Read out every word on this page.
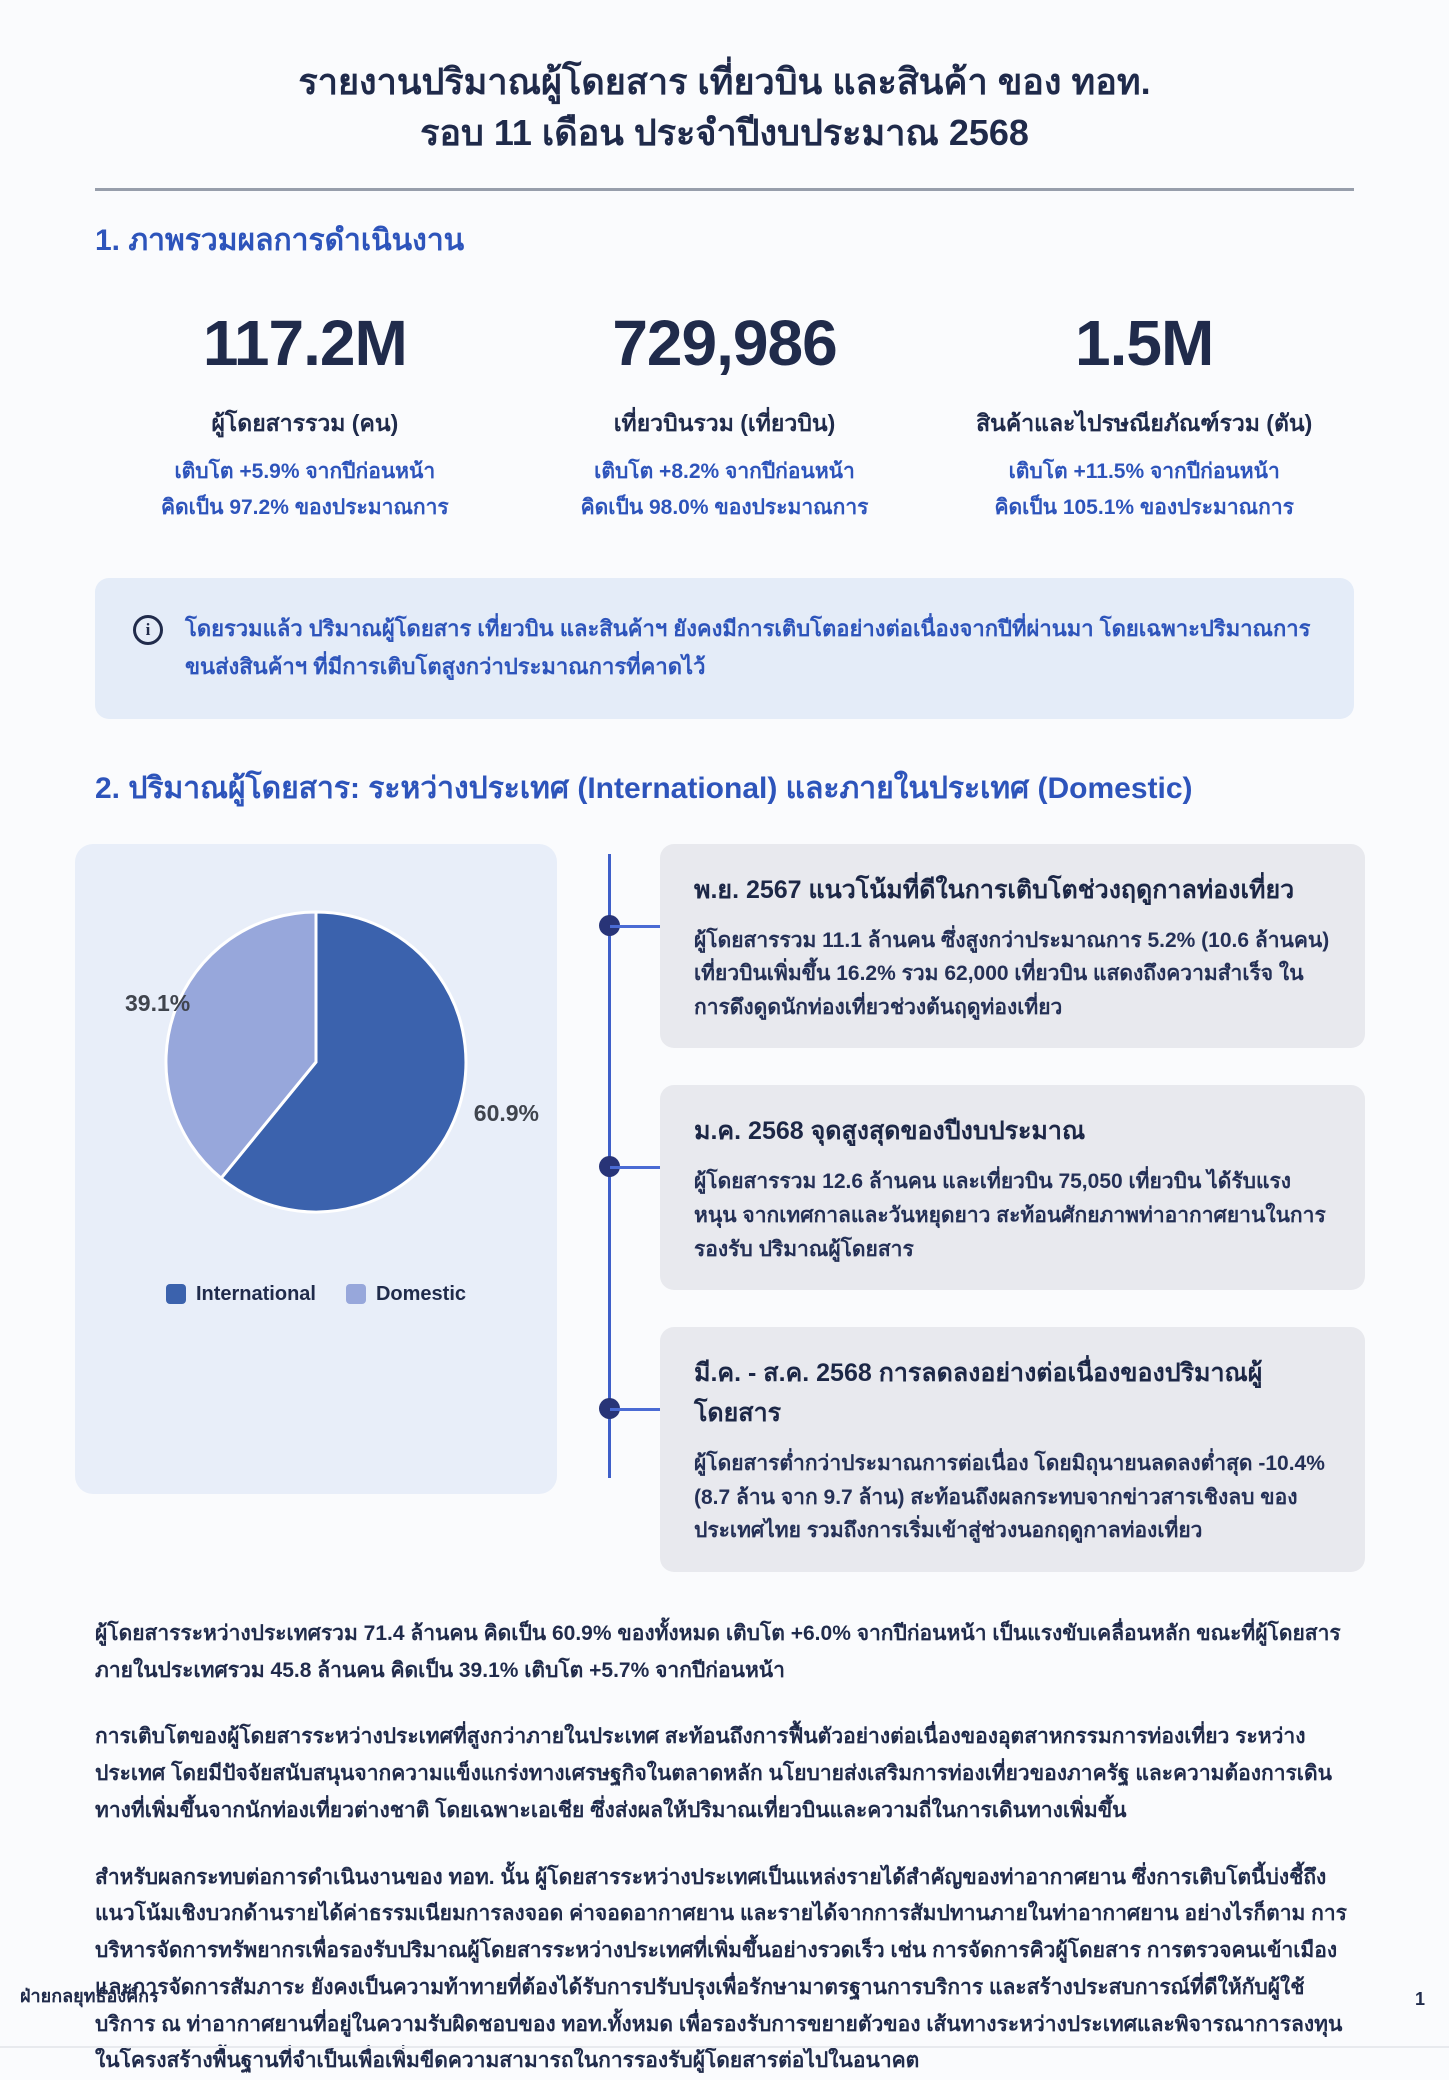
รายงานปริมาณผู้โดยสาร เที่ยวบิน และสินค้า ของ ทอท.
รอบ 11 เดือน ประจำปีงบประมาณ 2568
1. ภาพรวมผลการดำเนินงาน
117.2M
ผู้โดยสารรวม (คน)
เติบโต +5.9% จากปีก่อนหน้า
คิดเป็น 97.2% ของประมาณการ
729,986
เที่ยวบินรวม (เที่ยวบิน)
เติบโต +8.2% จากปีก่อนหน้า
คิดเป็น 98.0% ของประมาณการ
1.5M
สินค้าและไปรษณียภัณฑ์รวม (ตัน)
เติบโต +11.5% จากปีก่อนหน้า
คิดเป็น 105.1% ของประมาณการ
i	โดยรวมแล้ว ปริมาณผู้โดยสาร เที่ยวบิน และสินค้าฯ ยังคงมีการเติบโตอย่างต่อเนื่องจากปีที่ผ่านมา โดยเฉพาะปริมาณการขนส่งสินค้าฯ ที่มีการเติบโตสูงกว่าประมาณการที่คาดไว้
2. ปริมาณผู้โดยสาร: ระหว่างประเทศ (International) และภายในประเทศ (Domestic)
39.1%
60.9%
International	Domestic
พ.ย. 2567 แนวโน้มที่ดีในการเติบโตช่วงฤดูกาลท่องเที่ยว
ผู้โดยสารรวม 11.1 ล้านคน ซึ่งสูงกว่าประมาณการ 5.2% (10.6 ล้านคน) เที่ยวบินเพิ่มขึ้น 16.2% รวม 62,000 เที่ยวบิน แสดงถึงความสำเร็จ ในการดึงดูดนักท่องเที่ยวช่วงต้นฤดูท่องเที่ยว
ม.ค. 2568 จุดสูงสุดของปีงบประมาณ
ผู้โดยสารรวม 12.6 ล้านคน และเที่ยวบิน 75,050 เที่ยวบิน ได้รับแรงหนุน จากเทศกาลและวันหยุดยาว สะท้อนศักยภาพท่าอากาศยานในการรองรับ ปริมาณผู้โดยสาร
มี.ค. - ส.ค. 2568 การลดลงอย่างต่อเนื่องของปริมาณผู้โดยสาร
ผู้โดยสารต่ำกว่าประมาณการต่อเนื่อง โดยมิถุนายนลดลงต่ำสุด -10.4% (8.7 ล้าน จาก 9.7 ล้าน) สะท้อนถึงผลกระทบจากข่าวสารเชิงลบ ของประเทศไทย รวมถึงการเริ่มเข้าสู่ช่วงนอกฤดูกาลท่องเที่ยว

ผู้โดยสารระหว่างประเทศรวม 71.4 ล้านคน คิดเป็น 60.9% ของทั้งหมด เติบโต +6.0% จากปีก่อนหน้า เป็นแรงขับเคลื่อนหลัก ขณะที่ผู้โดยสาร ภายในประเทศรวม 45.8 ล้านคน คิดเป็น 39.1% เติบโต +5.7% จากปีก่อนหน้า

การเติบโตของผู้โดยสารระหว่างประเทศที่สูงกว่าภายในประเทศ สะท้อนถึงการฟื้นตัวอย่างต่อเนื่องของอุตสาหกรรมการท่องเที่ยว ระหว่างประเทศ โดยมีปัจจัยสนับสนุนจากความแข็งแกร่งทางเศรษฐกิจในตลาดหลัก นโยบายส่งเสริมการท่องเที่ยวของภาครัฐ และความต้องการเดินทางที่เพิ่มขึ้นจากนักท่องเที่ยวต่างชาติ โดยเฉพาะเอเชีย ซึ่งส่งผลให้ปริมาณเที่ยวบินและความถี่ในการเดินทางเพิ่มขึ้น

สำหรับผลกระทบต่อการดำเนินงานของ ทอท. นั้น ผู้โดยสารระหว่างประเทศเป็นแหล่งรายได้สำคัญของท่าอากาศยาน ซึ่งการเติบโตนี้บ่งชี้ถึง แนวโน้มเชิงบวกด้านรายได้ค่าธรรมเนียมการลงจอด ค่าจอดอากาศยาน และรายได้จากการสัมปทานภายในท่าอากาศยาน อย่างไรก็ตาม การบริหารจัดการทรัพยากรเพื่อรองรับปริมาณผู้โดยสารระหว่างประเทศที่เพิ่มขึ้นอย่างรวดเร็ว เช่น การจัดการคิวผู้โดยสาร การตรวจคนเข้าเมือง และการจัดการสัมภาระ ยังคงเป็นความท้าทายที่ต้องได้รับการปรับปรุงเพื่อรักษามาตรฐานการบริการ และสร้างประสบการณ์ที่ดีให้กับผู้ใช้บริการ ณ ท่าอากาศยานที่อยู่ในความรับผิดชอบของ ทอท.ทั้งหมด เพื่อรองรับการขยายตัวของ เส้นทางระหว่างประเทศและพิจารณาการลงทุนในโครงสร้างพื้นฐานที่จำเป็นเพื่อเพิ่มขีดความสามารถในการรองรับผู้โดยสารต่อไปในอนาคต

ฝ่ายกลยุทธ์องค์กร	1
